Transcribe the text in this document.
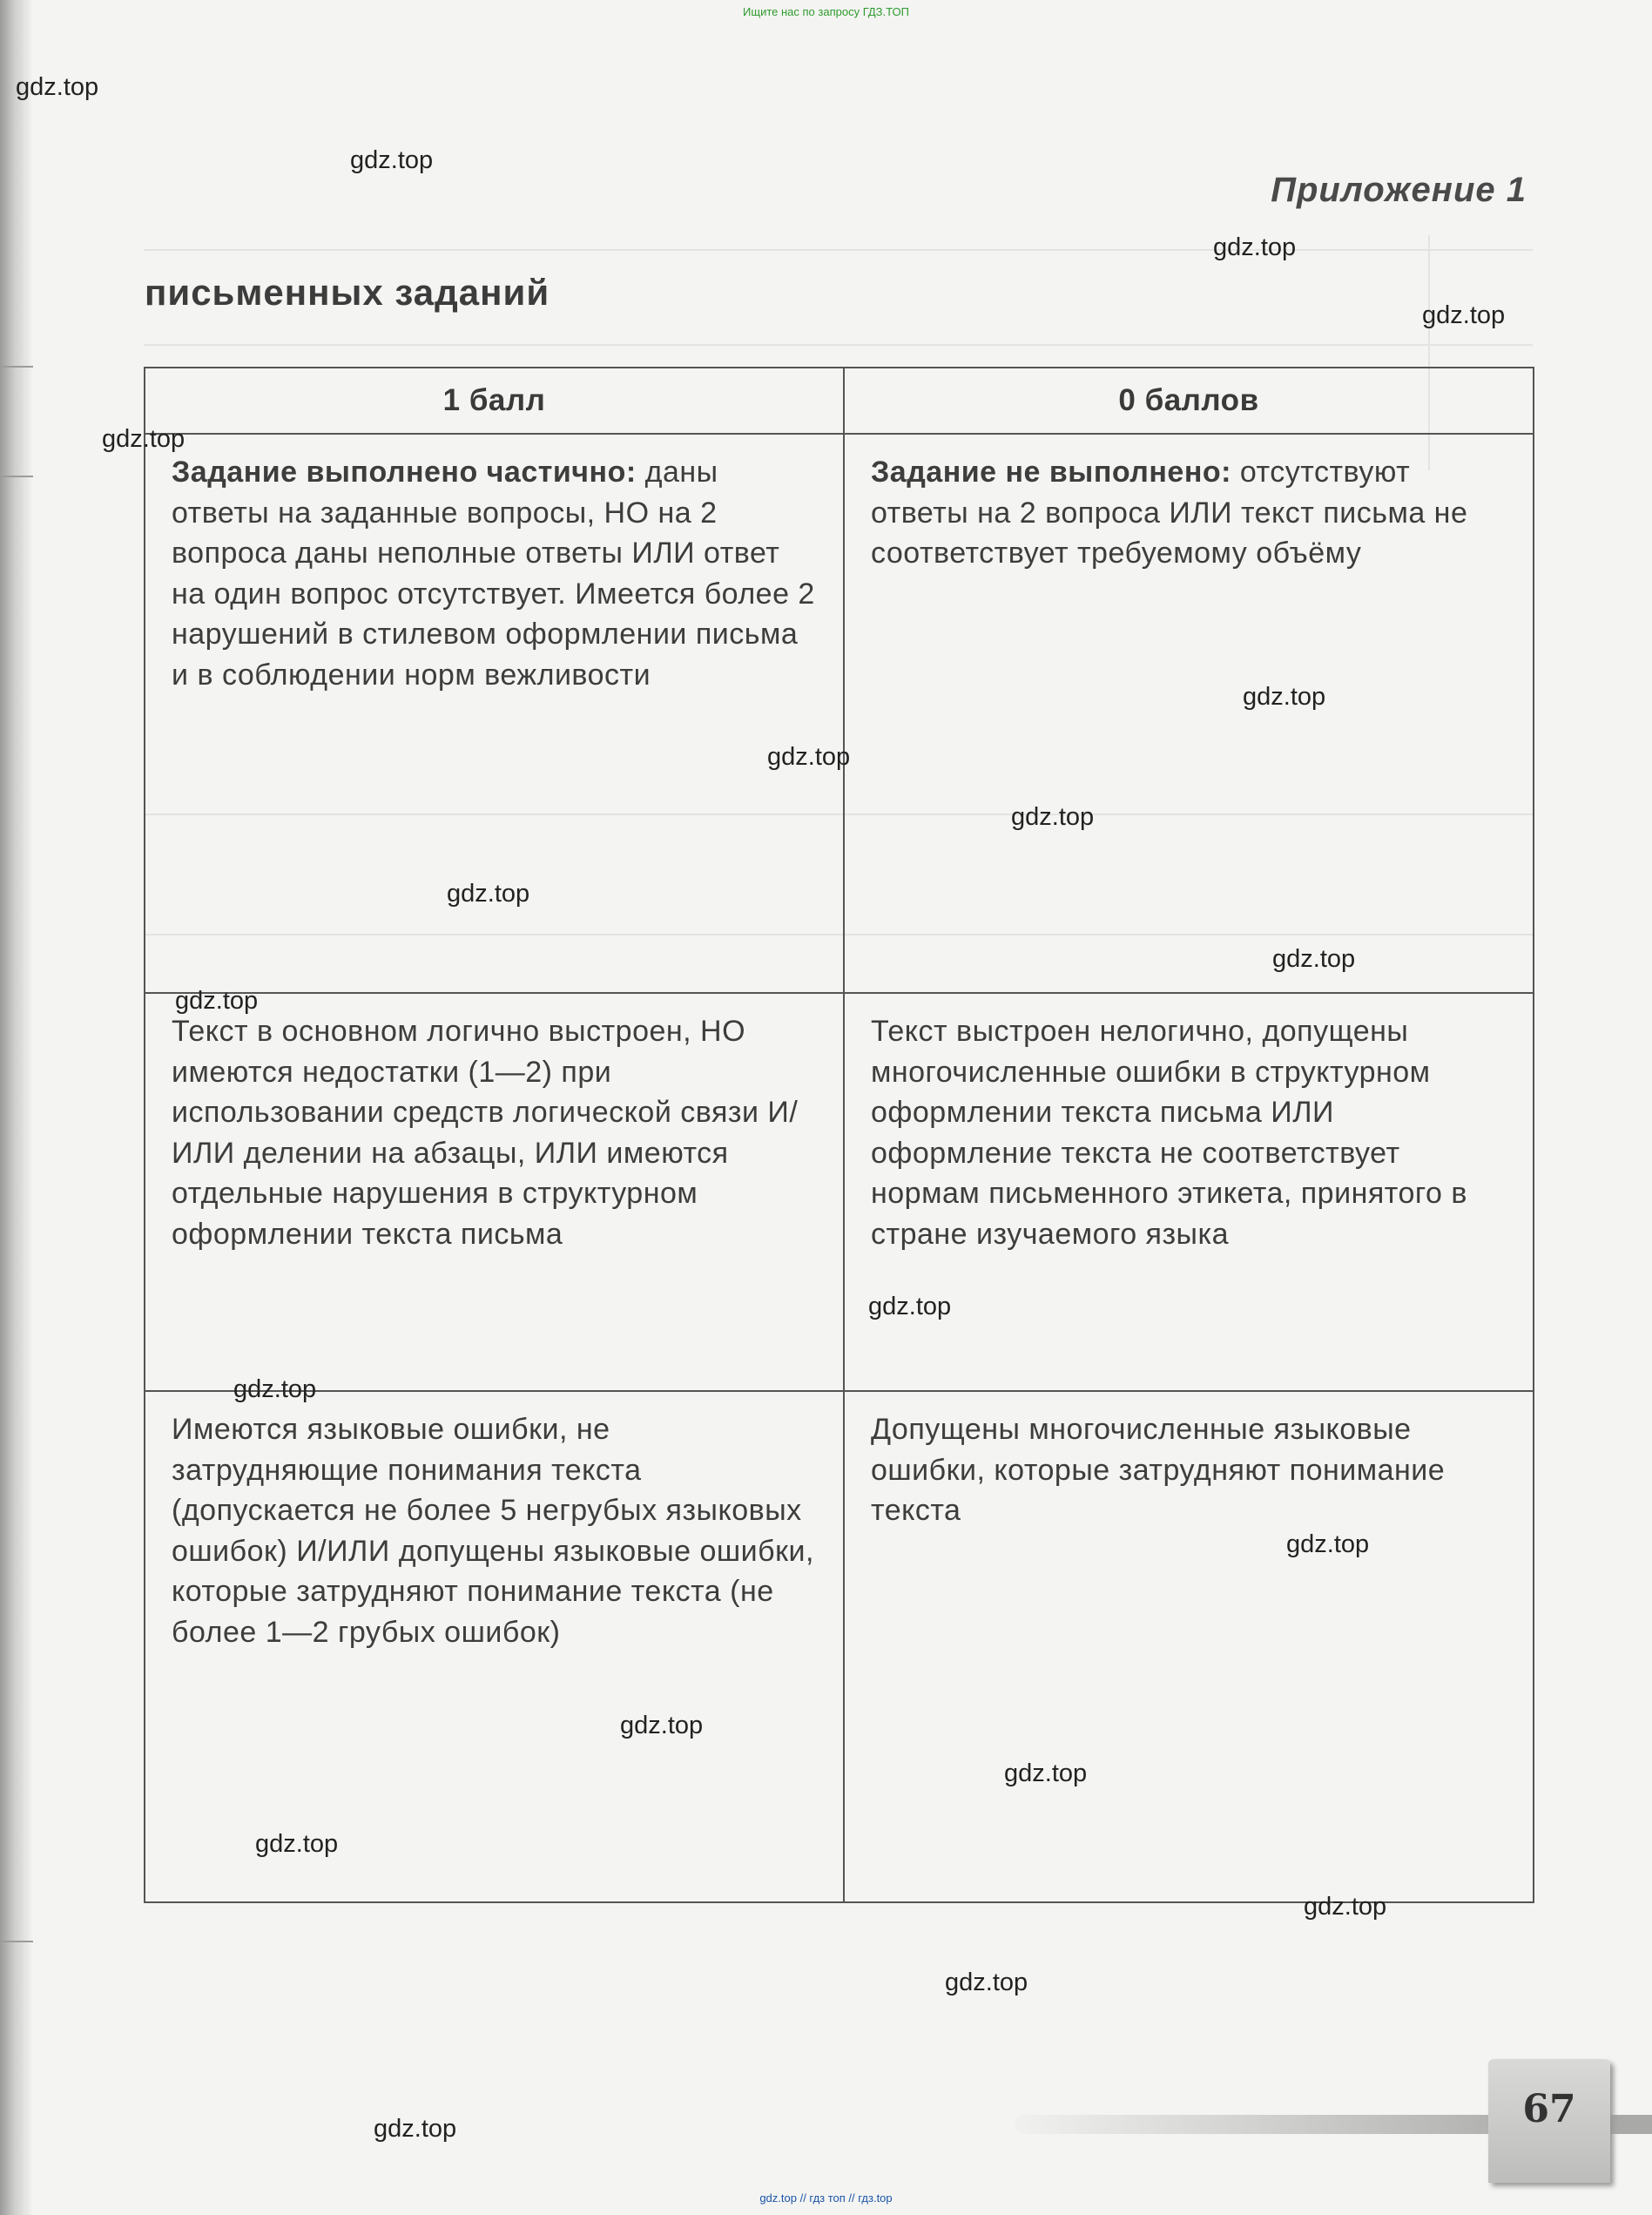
Ищите нас по запросу ГДЗ.ТОП
Приложение 1
письменных заданий
1 балл	0 баллов
Задание выполнено частично: даны ответы на заданные вопросы, НО на 2 вопроса даны неполные ответы ИЛИ ответ на один вопрос отсутствует. Имеется более 2 нарушений в стилевом оформлении письма и в соблюдении норм вежливости	Задание не выполнено: отсутствуют ответы на 2 вопроса ИЛИ текст письма не соответствует требуемому объёму
Текст в основном логично выстроен, НО имеются недостатки (1—2) при использовании средств логической связи И/ИЛИ делении на абзацы, ИЛИ имеются отдельные нарушения в структурном оформлении текста письма	Текст выстроен нелогично, допущены многочисленные ошибки в структурном оформлении текста письма ИЛИ оформление текста не соответствует нормам письменного этикета, принятого в стране изучаемого языка
Имеются языковые ошибки, не затрудняющие понимания текста (допускается не более 5 негрубых языковых ошибок) И/ИЛИ допущены языковые ошибки, которые затрудняют понимание текста (не более 1—2 грубых ошибок)	Допущены многочисленные языковые ошибки, которые затрудняют понимание текста
gdz.top
gdz.top
gdz.top
gdz.top
gdz.top
gdz.top
gdz.top
gdz.top
gdz.top
gdz.top
gdz.top
gdz.top
gdz.top
gdz.top
gdz.top
gdz.top
gdz.top
gdz.top
gdz.top
gdz.top	67
gdz.top // гдз топ // гдз.top
